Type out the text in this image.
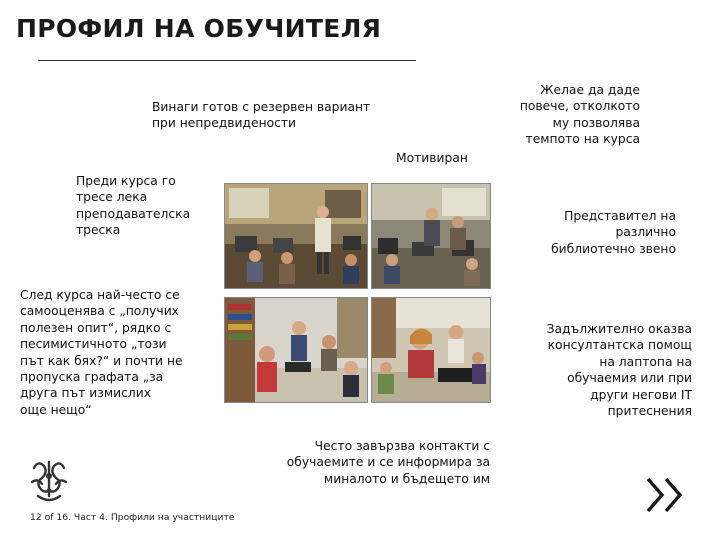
ПРОФИЛ НА ОБУЧИТЕЛЯ
Винаги готов с резервен вариант
при непредвидености
Желае да даде
повече, отколкото
му позволява
темпото на курса
Мотивиран
Преди курса го
тресе лека
преподавателска
треска
Представител на
различно
библиотечно звено
След курса най-често се
самооценява с „получих
полезен опит“, рядко с
песимистичното „този
път как бях?“ и почти не
пропуска графата „за
друга път измислих
още нещо“
Задължително оказва
консултантска помощ
на лаптопа на
обучаемия или при
други негови IT
притеснения
Често завързва контакти с
обучаемите и се информира за
миналото и бъдещето им
12 of 16. Част 4. Профили на участниците
